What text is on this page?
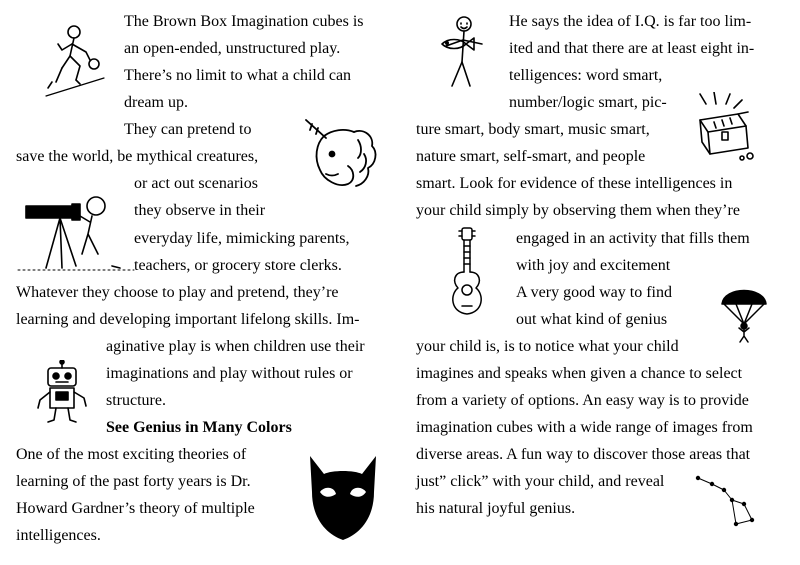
The Brown Box Imagination cubes is
an open-ended, unstructured play.
There’s no limit to what a child can
dream up.
They can pretend to
save the world, be mythical creatures,
or act out scenarios
they observe in their
everyday life, mimicking parents,
teachers, or grocery store clerks.
Whatever they choose to play and pretend, they’re
learning and developing important lifelong skills. Im-
aginative play is when children use their
imaginations and play without rules or
structure.
See Genius in Many Colors
One of the most exciting theories of
learning of the past forty years is Dr.
Howard Gardner’s theory of multiple
intelligences.
He says the idea of I.Q. is far too lim-
ited and that there are at least eight in-
telligences: word smart,
number/logic smart, pic-
ture smart, body smart, music smart,
nature smart, self-smart, and people
smart. Look for evidence of these intelligences in
your child simply by observing them when they’re
engaged in an activity that fills them
with joy and excitement
A very good way to find
out what kind of genius
your child is, is to notice what your child
imagines and speaks when given a chance to select
from a variety of options. An easy way is to provide
imagination cubes with a wide range of images from
diverse areas. A fun way to discover those areas that
just” click” with your child, and reveal
his natural joyful genius.
